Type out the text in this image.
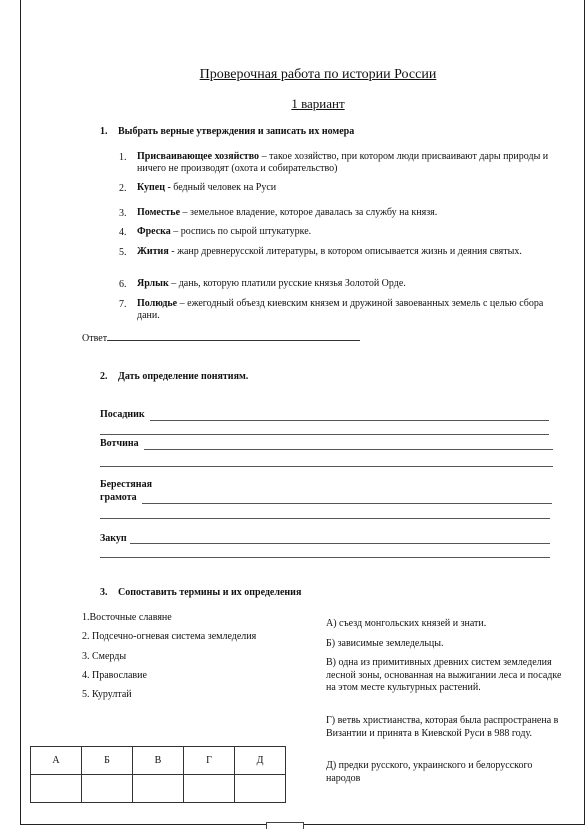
Проверочная работа по истории России
1 вариант
1. Выбрать верные утверждения и записать их номера
1. Присваивающее хозяйство – такое хозяйство, при котором люди присваивают дары природы и ничего не производят (охота и собирательство)
2. Купец - бедный человек на Руси
3. Поместье – земельное владение, которое давалась за службу на князя.
4. Фреска – роспись по сырой штукатурке.
5. Жития - жанр древнерусской литературы, в котором описывается жизнь и деяния святых.
6. Ярлык – дань, которую платили русские князья Золотой Орде.
7. Полюдье – ежегодный объезд киевским князем и дружиной завоеванных земель с целью сбора дани.
Ответ
2. Дать определение понятиям.
Посадник
Вотчина
Берестяная
грамота
Закуп
3. Сопоставить термины и их определения
1.Восточные славяне
2. Подсечно-огневая система земледелия
3. Смерды
4. Православие
5. Курултай
А) съезд монгольских князей и знати.
Б) зависимые земледельцы.
В) одна из примитивных древних систем земледелия лесной зоны, основанная на выжигании леса и посадке на этом месте культурных растений.
Г) ветвь христианства, которая была распространена в Византии и принята в Киевской Руси в 988 году.
Д) предки русского, украинского и белорусского народов
А	Б	В	Г	Д
